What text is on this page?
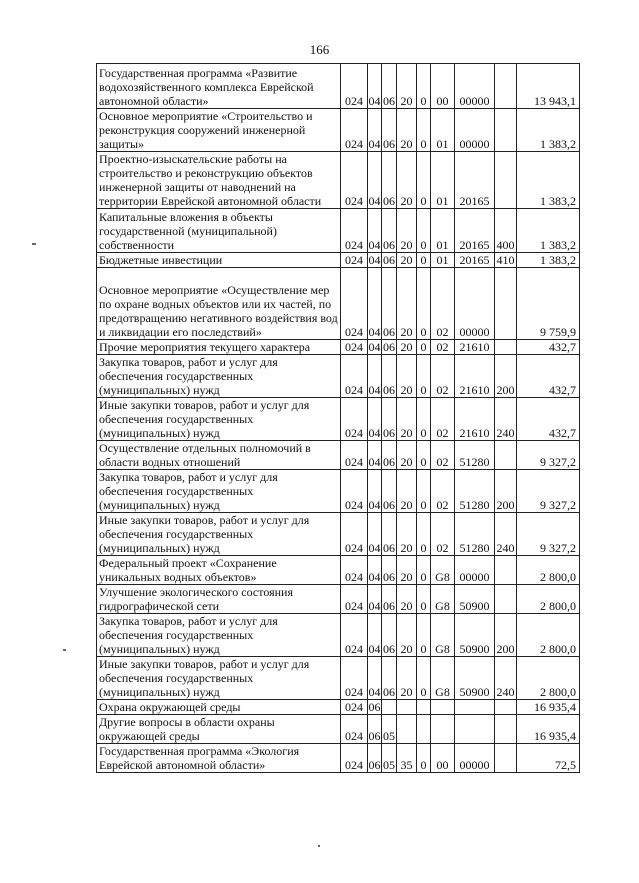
166
Государственная программа «Развитие водохозяйственного комплекса Еврейской автономной области»	024	04	06	20	0	00	00000		13 943,1
Основное мероприятие «Строительство и реконструкция сооружений инженерной защиты»	024	04	06	20	0	01	00000		1 383,2
Проектно-изыскательские работы на строительство и реконструкцию объектов инженерной защиты от наводнений на территории Еврейской автономной области	024	04	06	20	0	01	20165		1 383,2
Капитальные вложения в объекты государственной (муниципальной) собственности	024	04	06	20	0	01	20165	400	1 383,2
Бюджетные инвестиции	024	04	06	20	0	01	20165	410	1 383,2
Основное мероприятие «Осуществление мер по охране водных объектов или их частей, по предотвращению негативного воздействия вод и ликвидации его последствий»	024	04	06	20	0	02	00000		9 759,9
Прочие мероприятия текущего характера	024	04	06	20	0	02	21610		432,7
Закупка товаров, работ и услуг для обеспечения государственных (муниципальных) нужд	024	04	06	20	0	02	21610	200	432,7
Иные закупки товаров, работ и услуг для обеспечения государственных (муниципальных) нужд	024	04	06	20	0	02	21610	240	432,7
Осуществление отдельных полномочий в области водных отношений	024	04	06	20	0	02	51280		9 327,2
Закупка товаров, работ и услуг для обеспечения государственных (муниципальных) нужд	024	04	06	20	0	02	51280	200	9 327,2
Иные закупки товаров, работ и услуг для обеспечения государственных (муниципальных) нужд	024	04	06	20	0	02	51280	240	9 327,2
Федеральный проект «Сохранение уникальных водных объектов»	024	04	06	20	0	G8	00000		2 800,0
Улучшение экологического состояния гидрографической сети	024	04	06	20	0	G8	50900		2 800,0
Закупка товаров, работ и услуг для обеспечения государственных (муниципальных) нужд	024	04	06	20	0	G8	50900	200	2 800,0
Иные закупки товаров, работ и услуг для обеспечения государственных (муниципальных) нужд	024	04	06	20	0	G8	50900	240	2 800,0
Охрана окружающей среды	024	06							16 935,4
Другие вопросы в области охраны окружающей среды	024	06	05						16 935,4
Государственная программа «Экология Еврейской автономной области»	024	06	05	35	0	00	00000		72,5
